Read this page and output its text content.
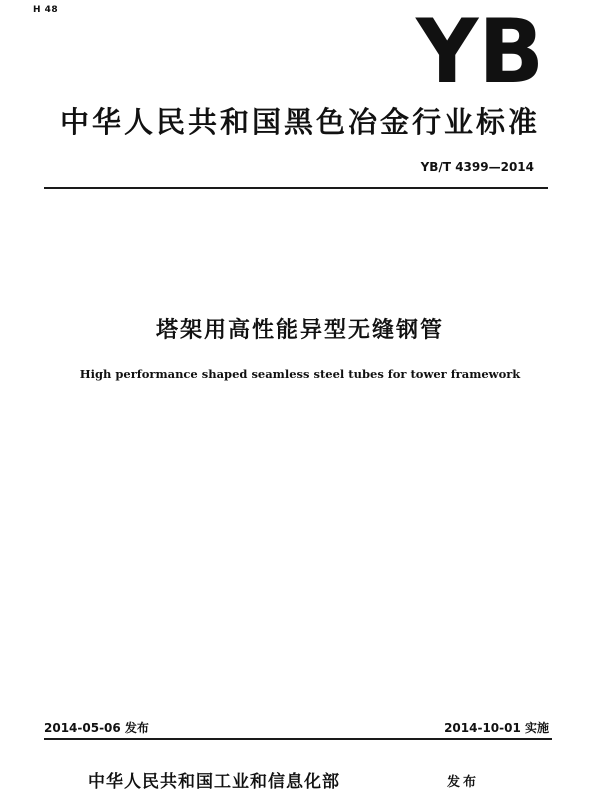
H 48	YB
中华人民共和国黑色冶金行业标准
YB/T 4399—2014
塔架用高性能异型无缝钢管
High performance shaped seamless steel tubes for tower framework
2014-05-06 发布	2014-10-01 实施
中华人民共和国工业和信息化部	发布
